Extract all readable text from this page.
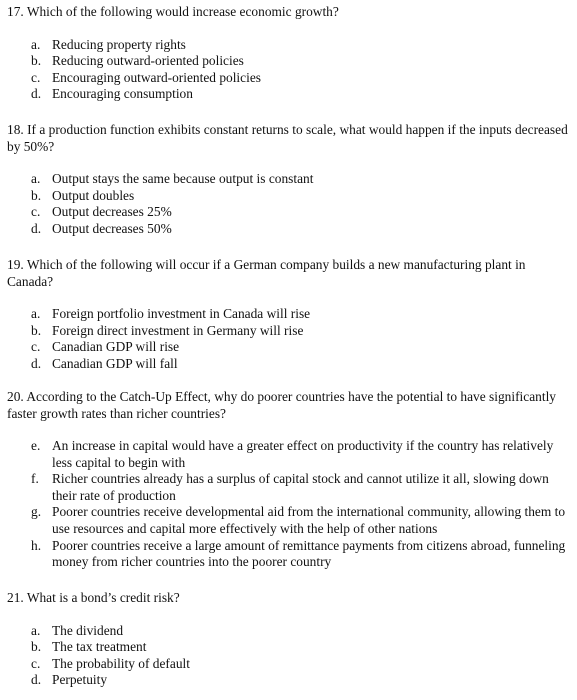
17. Which of the following would increase economic growth?

a. Reducing property rights
b. Reducing outward-oriented policies
c. Encouraging outward-oriented policies
d. Encouraging consumption

18. If a production function exhibits constant returns to scale, what would happen if the inputs decreased by 50%?

a. Output stays the same because output is constant
b. Output doubles
c. Output decreases 25%
d. Output decreases 50%

19. Which of the following will occur if a German company builds a new manufacturing plant in Canada?

a. Foreign portfolio investment in Canada will rise
b. Foreign direct investment in Germany will rise
c. Canadian GDP will rise
d. Canadian GDP will fall

20. According to the Catch-Up Effect, why do poorer countries have the potential to have significantly faster growth rates than richer countries?

e. An increase in capital would have a greater effect on productivity if the country has relatively less capital to begin with
f. Richer countries already has a surplus of capital stock and cannot utilize it all, slowing down their rate of production
g. Poorer countries receive developmental aid from the international community, allowing them to use resources and capital more effectively with the help of other nations
h. Poorer countries receive a large amount of remittance payments from citizens abroad, funneling money from richer countries into the poorer country

21. What is a bond’s credit risk?

a. The dividend
b. The tax treatment
c. The probability of default
d. Perpetuity
